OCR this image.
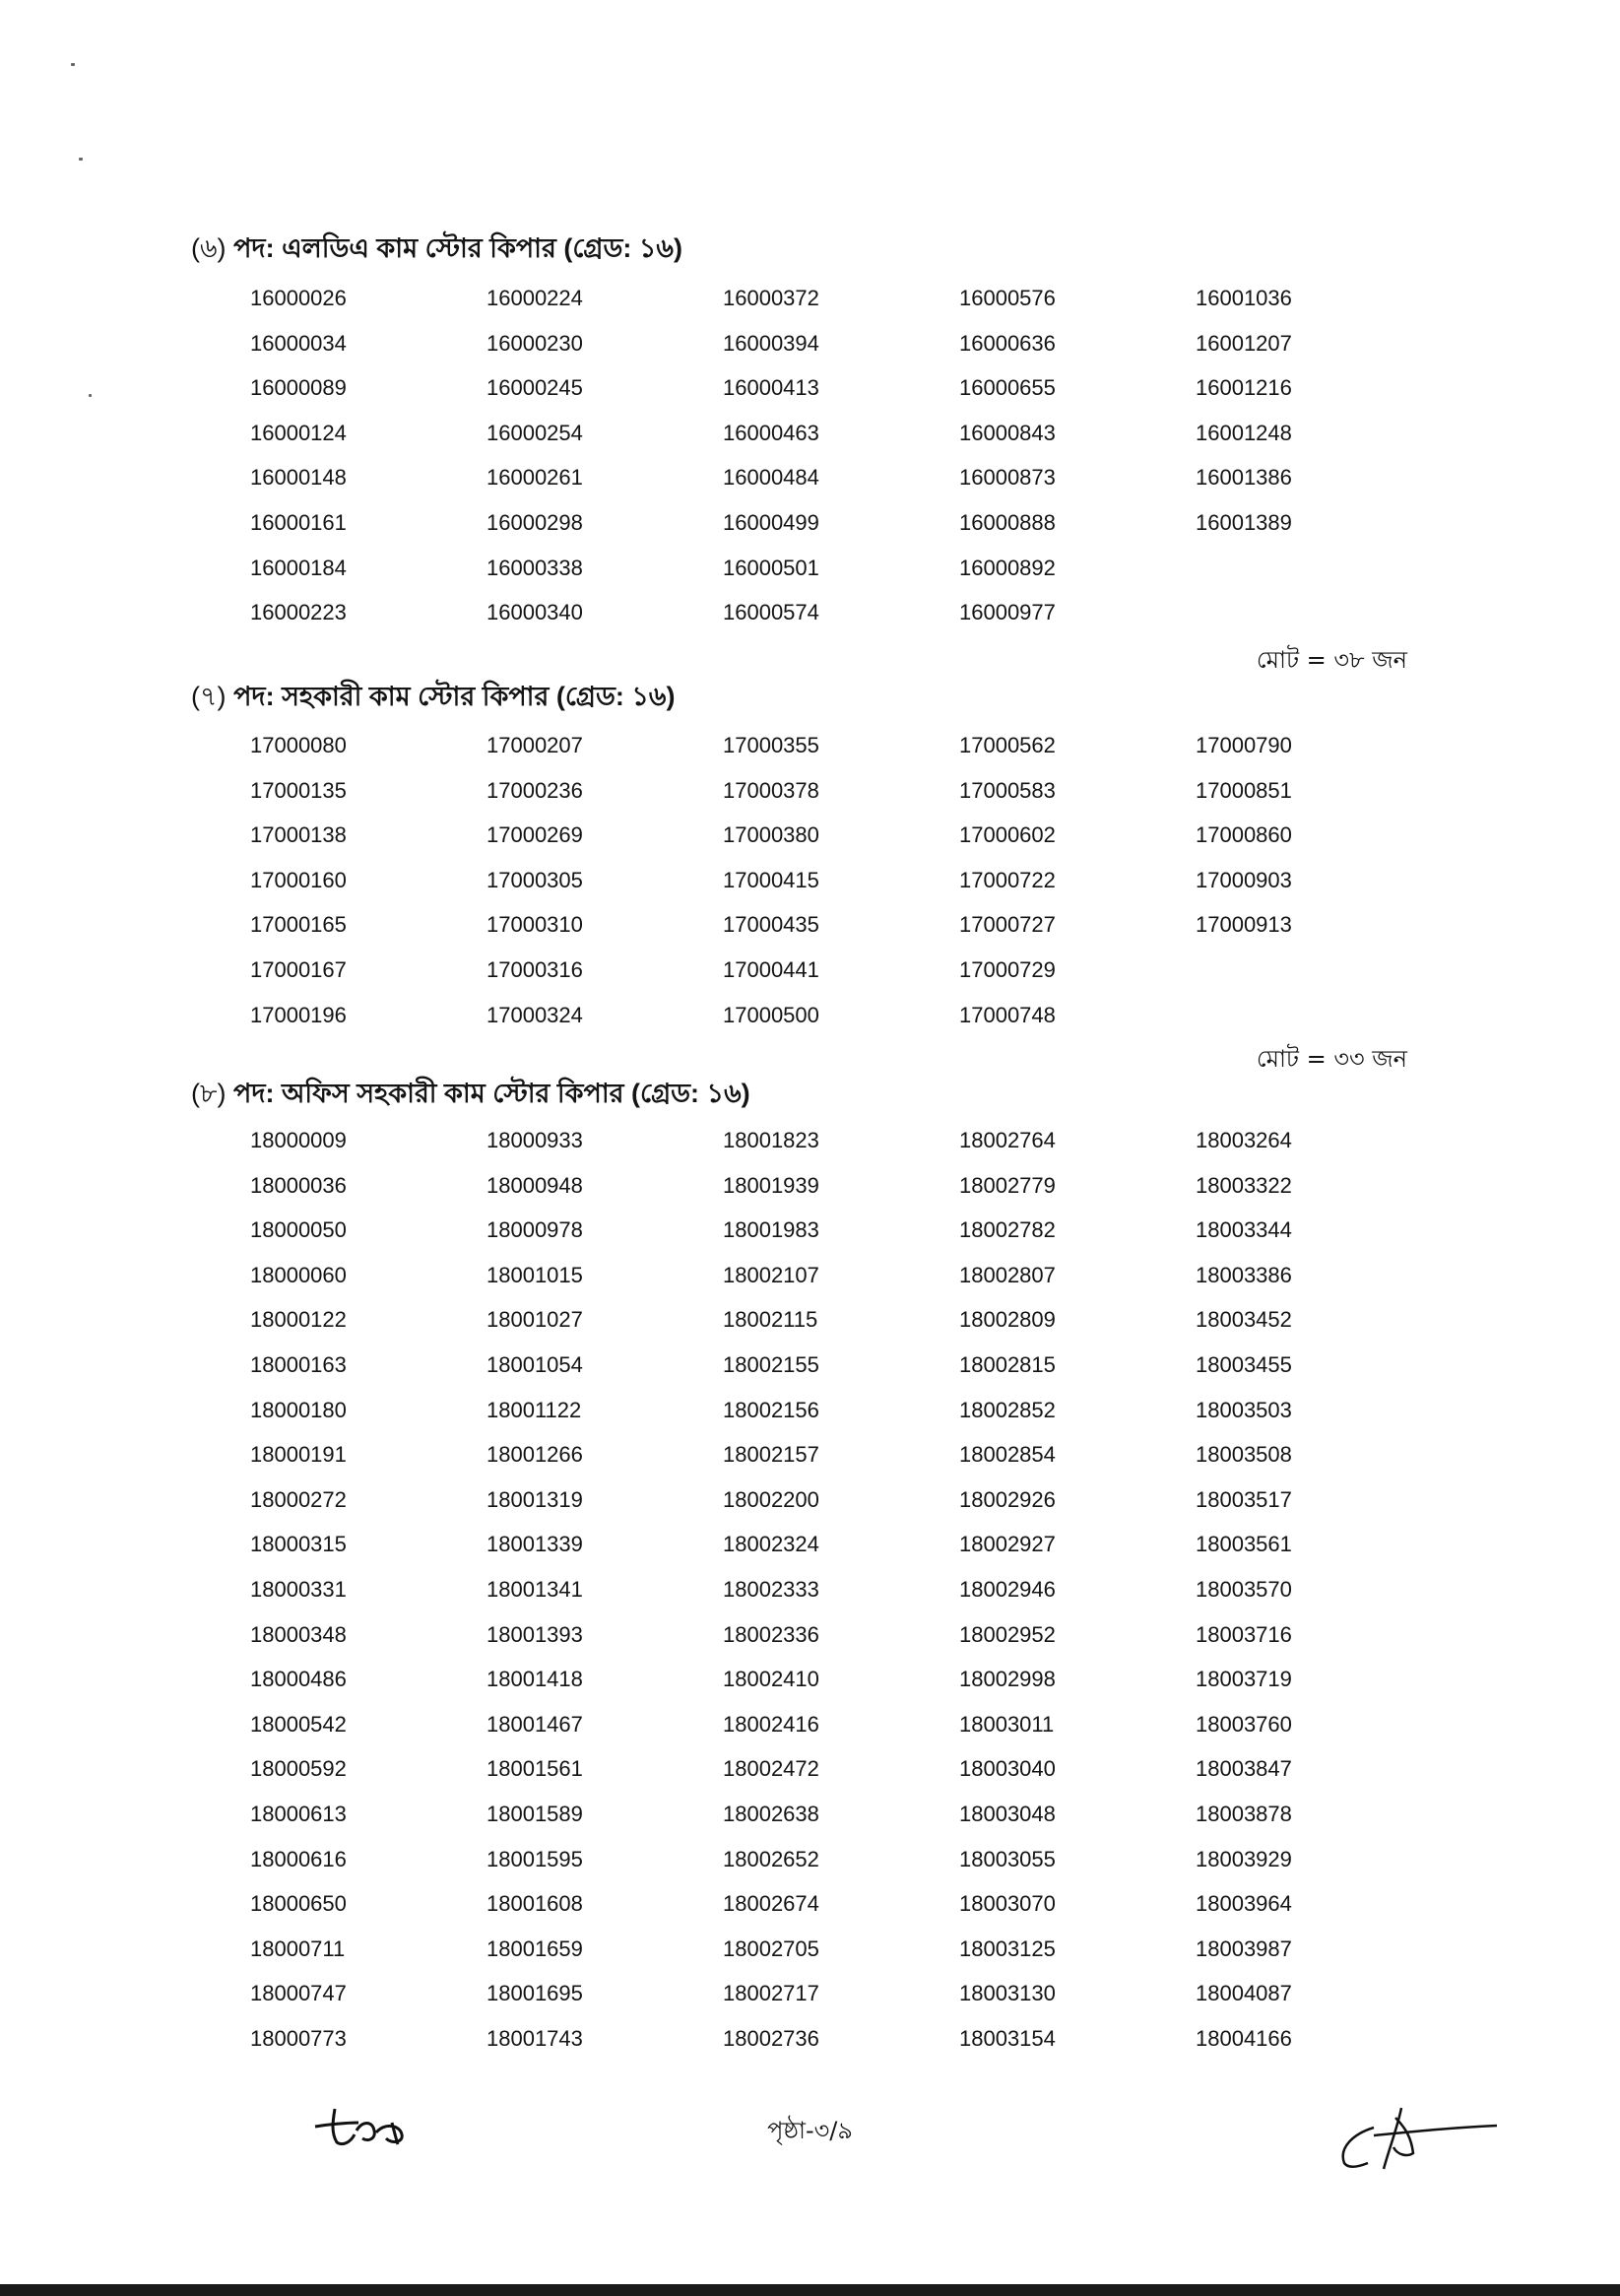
(৬) পদ: এলডিএ কাম স্টোর কিপার (গ্রেড: ১৬)
16000026
16000034
16000089
16000124
16000148
16000161
16000184
16000223
16000224
16000230
16000245
16000254
16000261
16000298
16000338
16000340
16000372
16000394
16000413
16000463
16000484
16000499
16000501
16000574
16000576
16000636
16000655
16000843
16000873
16000888
16000892
16000977
16001036
16001207
16001216
16001248
16001386
16001389
মোট = ৩৮ জন
(৭) পদ: সহকারী কাম স্টোর কিপার (গ্রেড: ১৬)
17000080
17000135
17000138
17000160
17000165
17000167
17000196
17000207
17000236
17000269
17000305
17000310
17000316
17000324
17000355
17000378
17000380
17000415
17000435
17000441
17000500
17000562
17000583
17000602
17000722
17000727
17000729
17000748
17000790
17000851
17000860
17000903
17000913
মোট = ৩৩ জন
(৮) পদ: অফিস সহকারী কাম স্টোর কিপার (গ্রেড: ১৬)
18000009
18000036
18000050
18000060
18000122
18000163
18000180
18000191
18000272
18000315
18000331
18000348
18000486
18000542
18000592
18000613
18000616
18000650
18000711
18000747
18000773
18000933
18000948
18000978
18001015
18001027
18001054
18001122
18001266
18001319
18001339
18001341
18001393
18001418
18001467
18001561
18001589
18001595
18001608
18001659
18001695
18001743
18001823
18001939
18001983
18002107
18002115
18002155
18002156
18002157
18002200
18002324
18002333
18002336
18002410
18002416
18002472
18002638
18002652
18002674
18002705
18002717
18002736
18002764
18002779
18002782
18002807
18002809
18002815
18002852
18002854
18002926
18002927
18002946
18002952
18002998
18003011
18003040
18003048
18003055
18003070
18003125
18003130
18003154
18003264
18003322
18003344
18003386
18003452
18003455
18003503
18003508
18003517
18003561
18003570
18003716
18003719
18003760
18003847
18003878
18003929
18003964
18003987
18004087
18004166
পৃষ্ঠা-৩/৯
